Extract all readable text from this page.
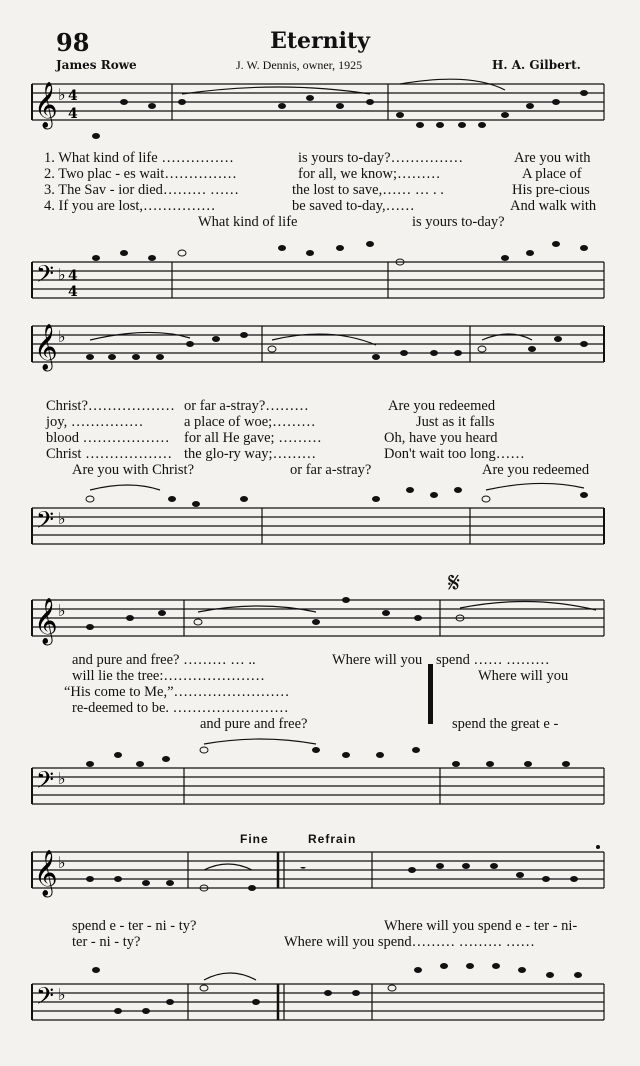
98	Eternity
James Rowe	J. W. Dennis, owner, 1925	H. A. Gilbert.
𝄞 ♭ 4
4
1. What kind of life ……………	is yours to-day?……………	Are you with
2. Two plac - es wait……………	for all, we know;………	A place of
3. The Sav - ior died……… ……	the lost to save,…… … . .	His pre-cious
4. If you are lost,……………	be saved to-day,……	And walk with
What kind of life	is yours to-day?
𝄢 ♭ 4
4
𝄞 ♭
Christ?……………… or far a-stray?………	Are you redeemed
joy, ……………	a place of woe;………	Just as it falls
blood ……………… for all He gave; ………	Oh, have you heard
Christ ……………… the glo-ry way;………	Don't wait too long……
Are you with Christ?	or far a-stray?	Are you redeemed
𝄢 ♭
𝄞 ♭
𝄋
and pure and free? ……… … ..	Where will you spend …… ………
will lie the tree:…………………	Where will you
“His come to Me,”……………………
re-deemed to be. ……………………
and pure and free?	spend the great e -
𝄢 ♭
Fine	Refrain
𝄞 ♭	𝄻
spend e - ter - ni - ty?	Where will you spend e - ter - ni-
ter - ni - ty?	Where will you spend……… ……… ……
𝄢 ♭
